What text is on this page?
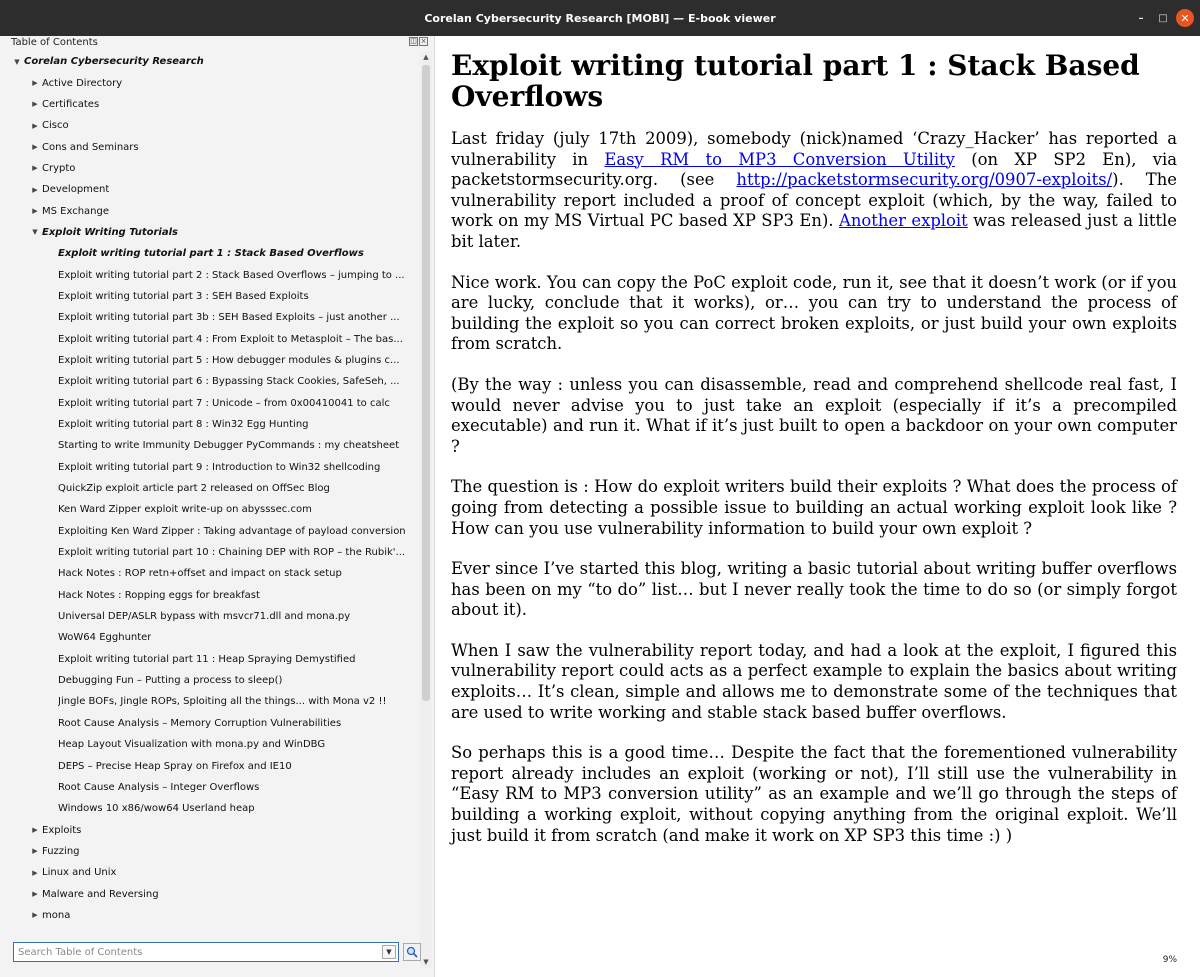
Corelan Cybersecurity Research [MOBI] — E-book viewer	–	□	✕
Table of Contents	◫ ×
▼ Corelan Cybersecurity Research
▶ Active Directory
▶ Certificates
▶ Cisco
▶ Cons and Seminars
▶ Crypto
▶ Development
▶ MS Exchange
▼ Exploit Writing Tutorials
Exploit writing tutorial part 1 : Stack Based Overflows
Exploit writing tutorial part 2 : Stack Based Overflows – jumping to ...
Exploit writing tutorial part 3 : SEH Based Exploits
Exploit writing tutorial part 3b : SEH Based Exploits – just another ...
Exploit writing tutorial part 4 : From Exploit to Metasploit – The bas...
Exploit writing tutorial part 5 : How debugger modules & plugins c...
Exploit writing tutorial part 6 : Bypassing Stack Cookies, SafeSeh, ...
Exploit writing tutorial part 7 : Unicode – from 0x00410041 to calc
Exploit writing tutorial part 8 : Win32 Egg Hunting
Starting to write Immunity Debugger PyCommands : my cheatsheet
Exploit writing tutorial part 9 : Introduction to Win32 shellcoding
QuickZip exploit article part 2 released on OffSec Blog
Ken Ward Zipper exploit write-up on abysssec.com
Exploiting Ken Ward Zipper : Taking advantage of payload conversion
Exploit writing tutorial part 10 : Chaining DEP with ROP – the Rubik'...
Hack Notes : ROP retn+offset and impact on stack setup
Hack Notes : Ropping eggs for breakfast
Universal DEP/ASLR bypass with msvcr71.dll and mona.py
WoW64 Egghunter
Exploit writing tutorial part 11 : Heap Spraying Demystified
Debugging Fun – Putting a process to sleep()
Jingle BOFs, Jingle ROPs, Sploiting all the things... with Mona v2 !!
Root Cause Analysis – Memory Corruption Vulnerabilities
Heap Layout Visualization with mona.py and WinDBG
DEPS – Precise Heap Spray on Firefox and IE10
Root Cause Analysis – Integer Overflows
Windows 10 x86/wow64 Userland heap
▶ Exploits
▶ Fuzzing
▶ Linux and Unix
▶ Malware and Reversing
▶ mona
▲
▼
Search Table of Contents
▼
Exploit writing tutorial part 1 : Stack Based Overflows

Last friday (july 17th 2009), somebody (nick)named ‘Crazy_Hacker’ has reported a vulnerability in Easy RM to MP3 Conversion Utility (on XP SP2 En), via packetstormsecurity.org. (see http://packetstormsecurity.org/0907-exploits/). The vulnerability report included a proof of concept exploit (which, by the way, failed to work on my MS Virtual PC based XP SP3 En). Another exploit was released just a little bit later.

Nice work. You can copy the PoC exploit code, run it, see that it doesn’t work (or if you are lucky, conclude that it works), or… you can try to understand the process of building the exploit so you can correct broken exploits, or just build your own exploits from scratch.

(By the way : unless you can disassemble, read and comprehend shellcode real fast, I would never advise you to just take an exploit (especially if it’s a precompiled executable) and run it. What if it’s just built to open a backdoor on your own computer ?

The question is : How do exploit writers build their exploits ? What does the process of going from detecting a possible issue to building an actual working exploit look like ? How can you use vulnerability information to build your own exploit ?

Ever since I’ve started this blog, writing a basic tutorial about writing buffer overflows has been on my “to do” list… but I never really took the time to do so (or simply forgot about it).

When I saw the vulnerability report today, and had a look at the exploit, I figured this vulnerability report could acts as a perfect example to explain the basics about writing exploits… It’s clean, simple and allows me to demonstrate some of the techniques that are used to write working and stable stack based buffer overflows.

So perhaps this is a good time… Despite the fact that the forementioned vulnerability report already includes an exploit (working or not), I’ll still use the vulnerability in “Easy RM to MP3 conversion utility” as an example and we’ll go through the steps of building a working exploit, without copying anything from the original exploit. We’ll just build it from scratch (and make it work on XP SP3 this time :) )

9%
